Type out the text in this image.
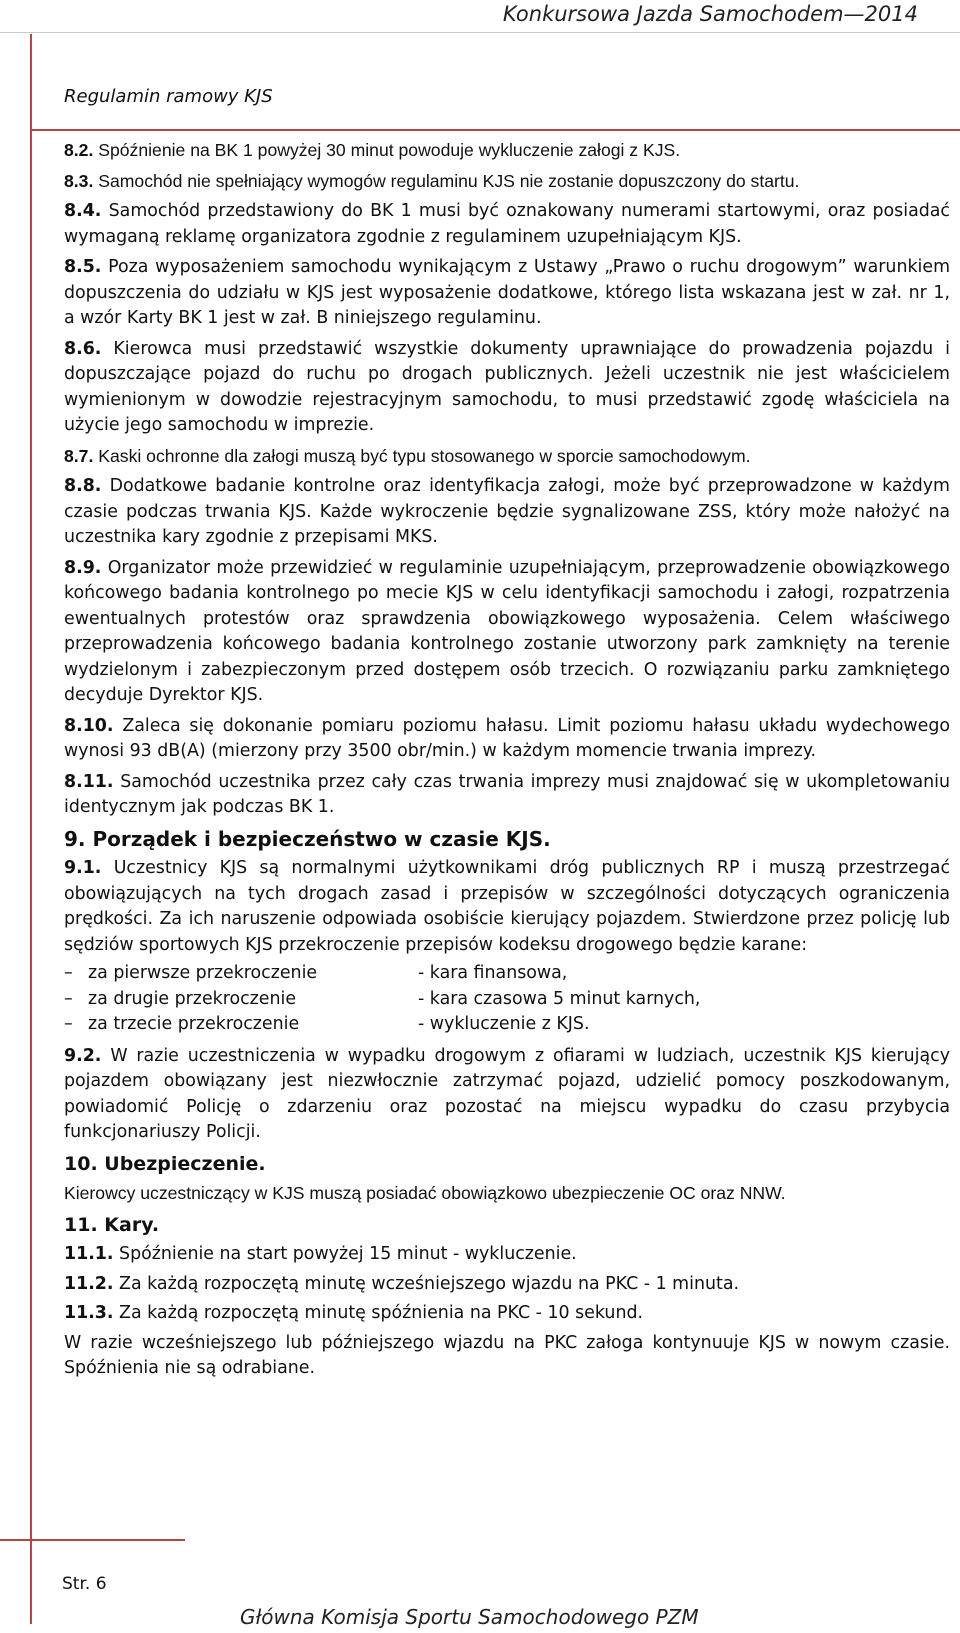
Konkursowa Jazda Samochodem—2014
Regulamin ramowy KJS

8.2. Spóźnienie na BK 1 powyżej 30 minut powoduje wykluczenie załogi z KJS.

8.3. Samochód nie spełniający wymogów regulaminu KJS nie zostanie dopuszczony do startu.

8.4. Samochód przedstawiony do BK 1 musi być oznakowany numerami startowymi, oraz posiadać wymaganą reklamę organizatora zgodnie z regulaminem uzupełniającym KJS.

8.5. Poza wyposażeniem samochodu wynikającym z Ustawy „Prawo o ruchu drogowym” warunkiem dopuszczenia do udziału w KJS jest wyposażenie dodatkowe, którego lista wskazana jest w zał. nr 1, a wzór Karty BK 1 jest w zał. B niniejszego regulaminu.

8.6. Kierowca musi przedstawić wszystkie dokumenty uprawniające do prowadzenia pojazdu i dopuszczające pojazd do ruchu po drogach publicznych. Jeżeli uczestnik nie jest właścicielem wymienionym w dowodzie rejestracyjnym samochodu, to musi przedstawić zgodę właściciela na użycie jego samochodu w imprezie.

8.7. Kaski ochronne dla załogi muszą być typu stosowanego w sporcie samochodowym.

8.8. Dodatkowe badanie kontrolne oraz identyfikacja załogi, może być przeprowadzone w każdym czasie podczas trwania KJS. Każde wykroczenie będzie sygnalizowane ZSS, który może nałożyć na uczestnika kary zgodnie z przepisami MKS.

8.9. Organizator może przewidzieć w regulaminie uzupełniającym, przeprowadzenie obowiązkowego końcowego badania kontrolnego po mecie KJS w celu identyfikacji samochodu i załogi, rozpatrzenia ewentualnych protestów oraz sprawdzenia obowiązkowego wyposażenia. Celem właściwego przeprowadzenia końcowego badania kontrolnego zostanie utworzony park zamknięty na terenie wydzielonym i zabezpieczonym przed dostępem osób trzecich. O rozwiązaniu parku zamkniętego decyduje Dyrektor KJS.

8.10. Zaleca się dokonanie pomiaru poziomu hałasu. Limit poziomu hałasu układu wydechowego wynosi 93 dB(A) (mierzony przy 3500 obr/min.) w każdym momencie trwania imprezy.

8.11. Samochód uczestnika przez cały czas trwania imprezy musi znajdować się w ukompletowaniu identycznym jak podczas BK 1.

9. Porządek i bezpieczeństwo w czasie KJS.

9.1. Uczestnicy KJS są normalnymi użytkownikami dróg publicznych RP i muszą przestrzegać obowiązujących na tych drogach zasad i przepisów w szczególności dotyczących ograniczenia prędkości. Za ich naruszenie odpowiada osobiście kierujący pojazdem. Stwierdzone przez policję lub sędziów sportowych KJS przekroczenie przepisów kodeksu drogowego będzie karane:

– za pierwsze przekroczenie	- kara finansowa,
– za drugie przekroczenie	- kara czasowa 5 minut karnych,
– za trzecie przekroczenie	- wykluczenie z KJS.

9.2. W razie uczestniczenia w wypadku drogowym z ofiarami w ludziach, uczestnik KJS kierujący pojazdem obowiązany jest niezwłocznie zatrzymać pojazd, udzielić pomocy poszkodowanym, powiadomić Policję o zdarzeniu oraz pozostać na miejscu wypadku do czasu przybycia funkcjonariuszy Policji.

10. Ubezpieczenie.

Kierowcy uczestniczący w KJS muszą posiadać obowiązkowo ubezpieczenie OC oraz NNW.

11. Kary.

11.1. Spóźnienie na start powyżej 15 minut - wykluczenie.

11.2. Za każdą rozpoczętą minutę wcześniejszego wjazdu na PKC - 1 minuta.

11.3. Za każdą rozpoczętą minutę spóźnienia na PKC - 10 sekund.

W razie wcześniejszego lub późniejszego wjazdu na PKC załoga kontynuuje KJS w nowym czasie. Spóźnienia nie są odrabiane.

Str. 6
Główna Komisja Sportu Samochodowego PZM
